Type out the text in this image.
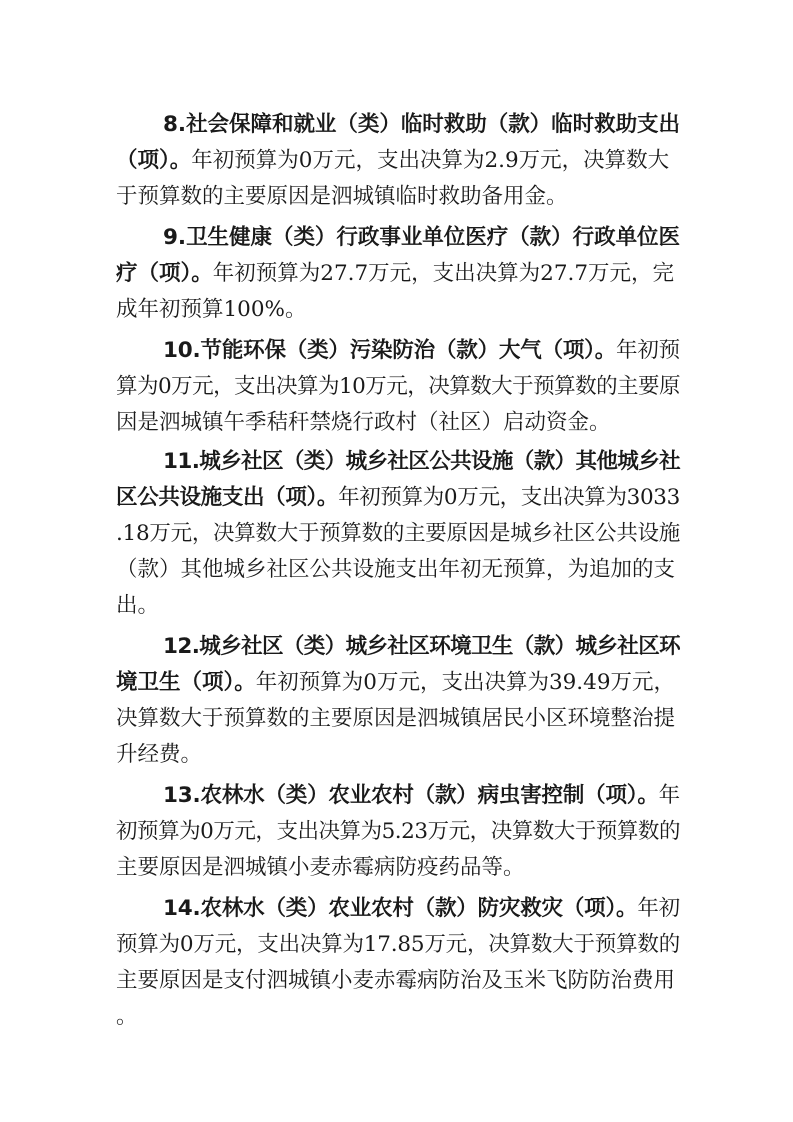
8.社会保障和就业（类）临时救助（款）临时救助支出
（项）。年初预算为0万元，支出决算为2.9万元，决算数大
于预算数的主要原因是泗城镇临时救助备用金。
9.卫生健康（类）行政事业单位医疗（款）行政单位医
疗（项）。年初预算为27.7万元，支出决算为27.7万元，完
成年初预算100%。
10.节能环保（类）污染防治（款）大气（项）。年初预
算为0万元，支出决算为10万元，决算数大于预算数的主要原
因是泗城镇午季秸秆禁烧行政村（社区）启动资金。
11.城乡社区（类）城乡社区公共设施（款）其他城乡社
区公共设施支出（项）。年初预算为0万元，支出决算为3033
.18万元，决算数大于预算数的主要原因是城乡社区公共设施
（款）其他城乡社区公共设施支出年初无预算，为追加的支
出。
12.城乡社区（类）城乡社区环境卫生（款）城乡社区环
境卫生（项）。年初预算为0万元，支出决算为39.49万元，
决算数大于预算数的主要原因是泗城镇居民小区环境整治提
升经费。
13.农林水（类）农业农村（款）病虫害控制（项）。年
初预算为0万元，支出决算为5.23万元，决算数大于预算数的
主要原因是泗城镇小麦赤霉病防疫药品等。
14.农林水（类）农业农村（款）防灾救灾（项）。年初
预算为0万元，支出决算为17.85万元，决算数大于预算数的
主要原因是支付泗城镇小麦赤霉病防治及玉米飞防防治费用
。
